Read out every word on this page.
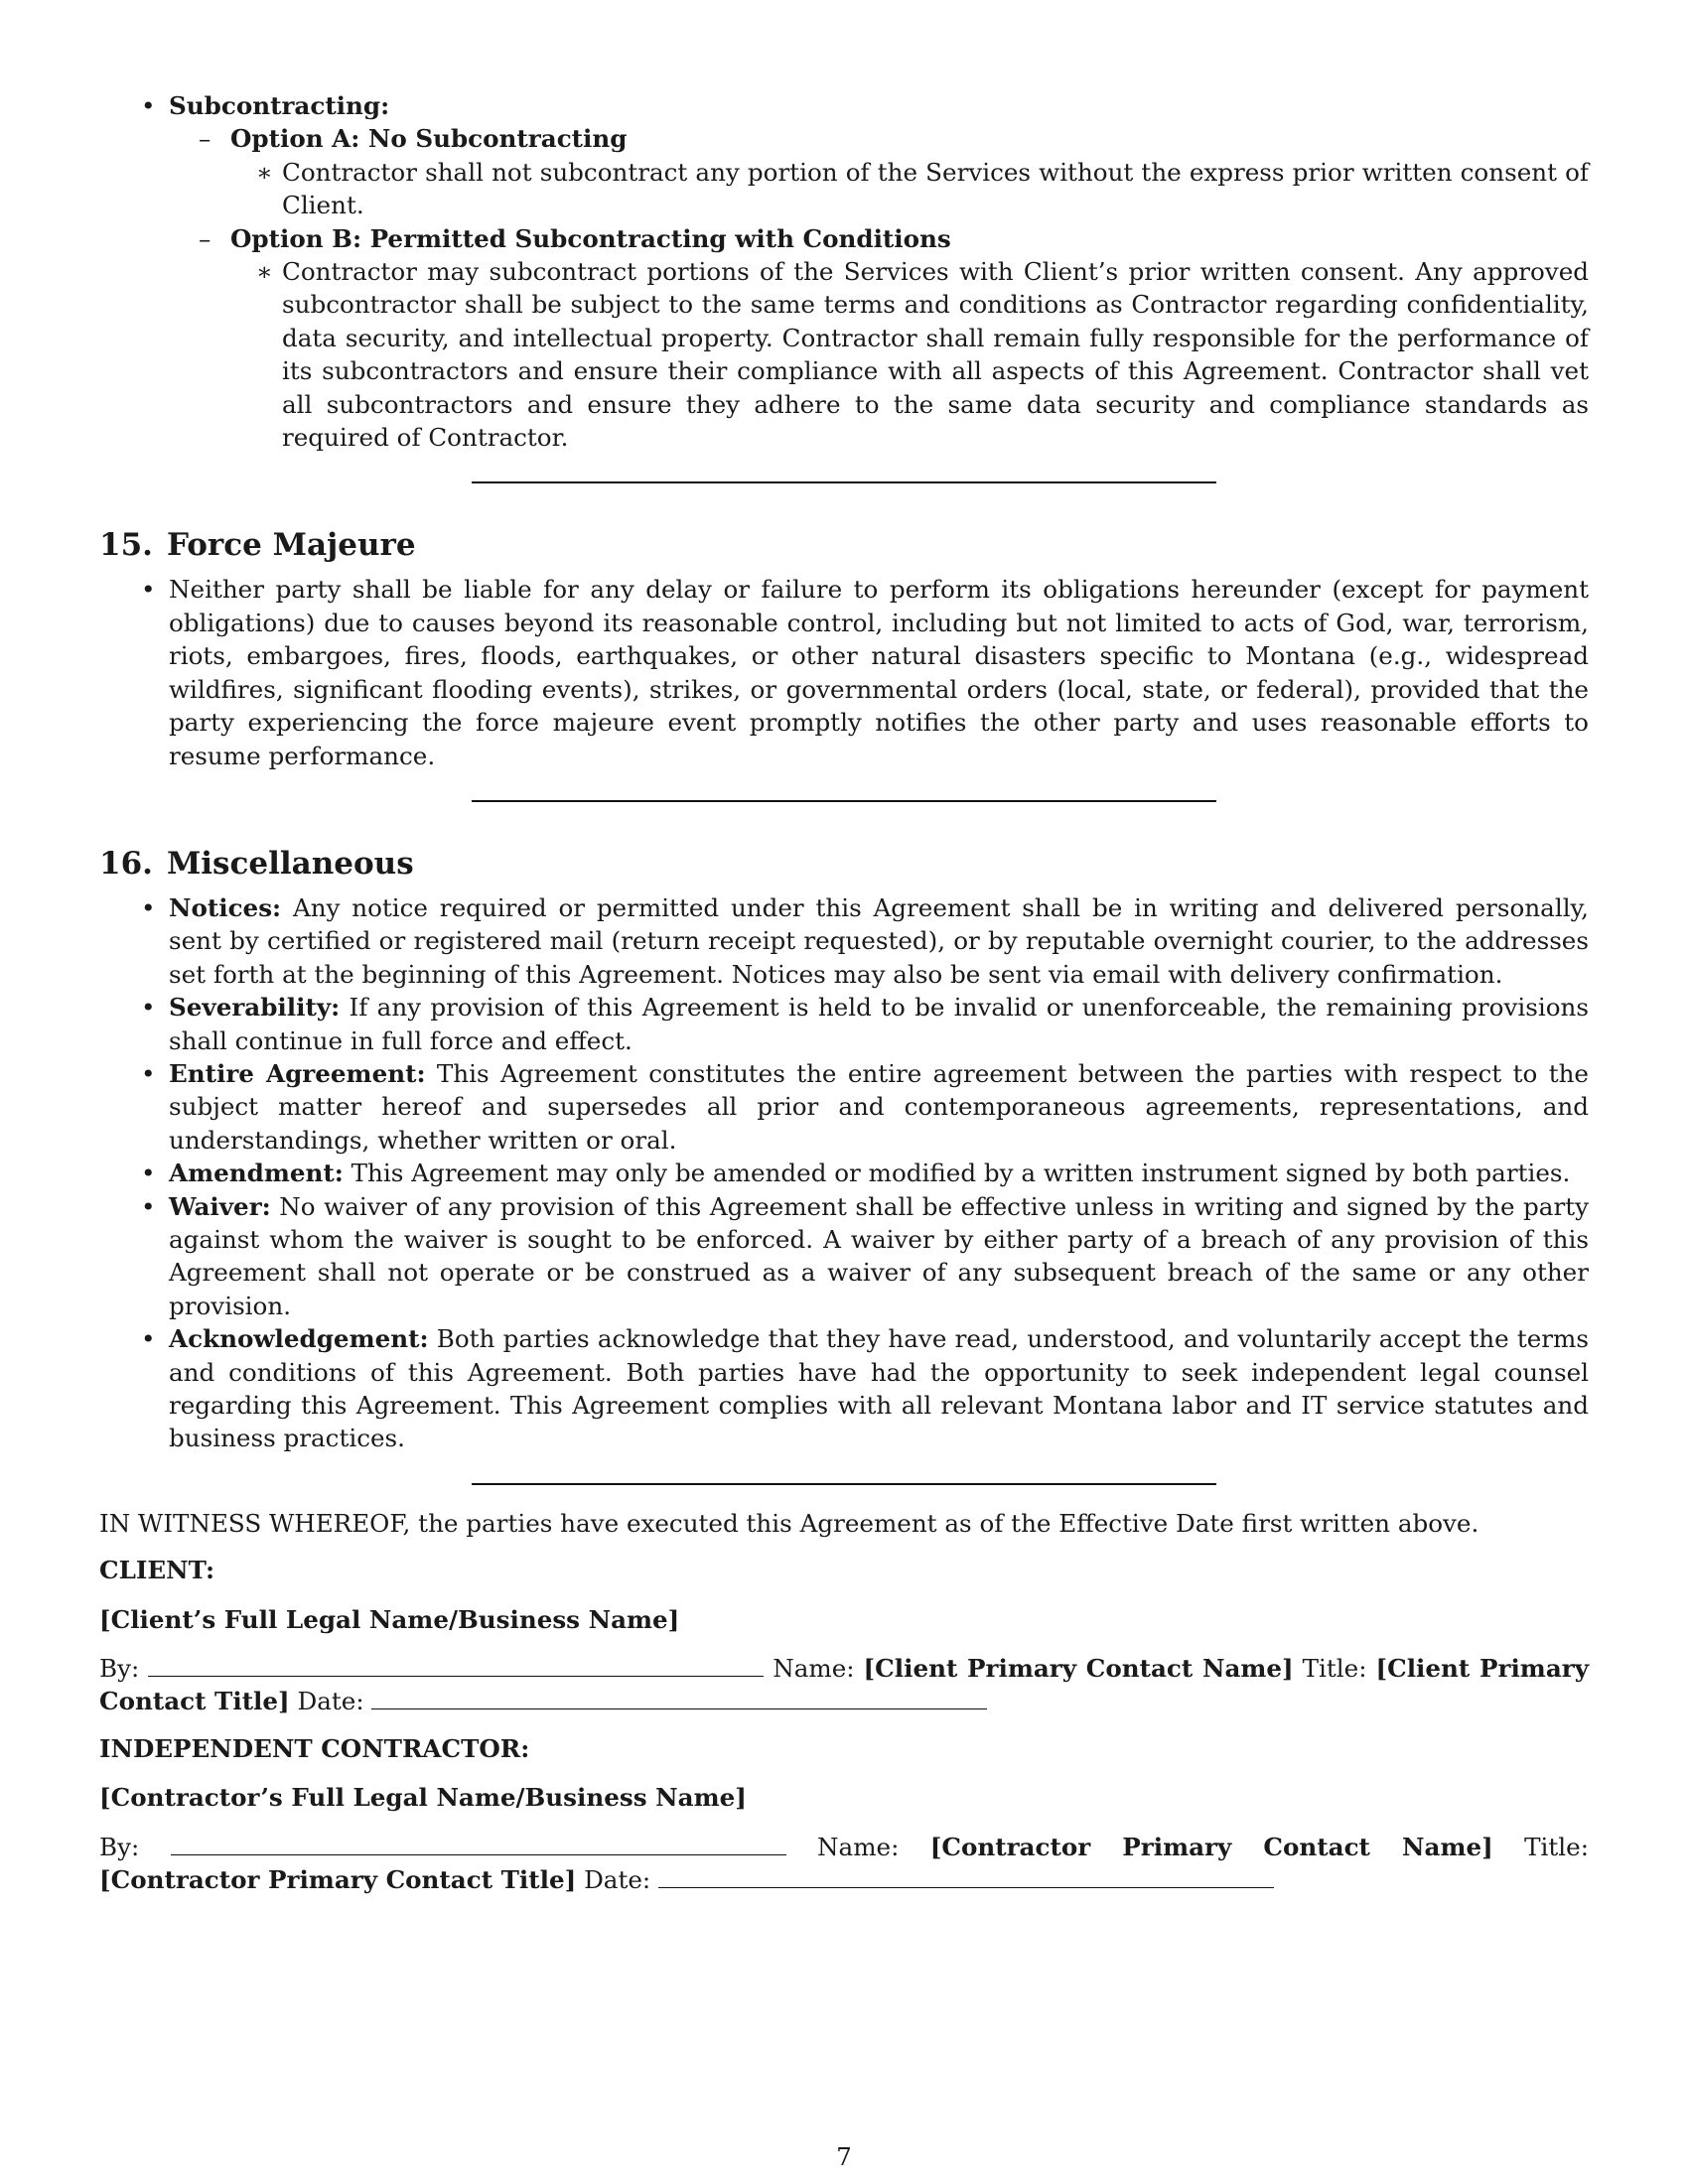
• Subcontracting:
– Option A: No Subcontracting
∗ Contractor shall not subcontract any portion of the Services without the express prior written consent of Client.
– Option B: Permitted Subcontracting with Conditions
∗ Contractor may subcontract portions of the Services with Client’s prior written consent. Any approved subcontractor shall be subject to the same terms and conditions as Contractor regarding confidentiality, data security, and intellectual property. Contractor shall remain fully responsible for the performance of its subcontractors and ensure their compliance with all aspects of this Agreement. Contractor shall vet all subcontractors and ensure they adhere to the same data security and compliance standards as required of Contractor.
15. Force Majeure
• Neither party shall be liable for any delay or failure to perform its obligations hereunder (except for payment obligations) due to causes beyond its reasonable control, including but not limited to acts of God, war, terrorism, riots, embargoes, fires, floods, earthquakes, or other natural disasters specific to Montana (e.g., widespread wildfires, significant flooding events), strikes, or governmental orders (local, state, or federal), provided that the party experiencing the force majeure event promptly notifies the other party and uses reasonable efforts to resume performance.
16. Miscellaneous
• Notices: Any notice required or permitted under this Agreement shall be in writing and delivered personally, sent by certified or registered mail (return receipt requested), or by reputable overnight courier, to the addresses set forth at the beginning of this Agreement. Notices may also be sent via email with delivery confirmation.
• Severability: If any provision of this Agreement is held to be invalid or unenforceable, the remaining provisions shall continue in full force and effect.
• Entire Agreement: This Agreement constitutes the entire agreement between the parties with respect to the subject matter hereof and supersedes all prior and contemporaneous agreements, representations, and understandings, whether written or oral.
• Amendment: This Agreement may only be amended or modified by a written instrument signed by both parties.
• Waiver: No waiver of any provision of this Agreement shall be effective unless in writing and signed by the party against whom the waiver is sought to be enforced. A waiver by either party of a breach of any provision of this Agreement shall not operate or be construed as a waiver of any subsequent breach of the same or any other provision.
• Acknowledgement: Both parties acknowledge that they have read, understood, and voluntarily accept the terms and conditions of this Agreement. Both parties have had the opportunity to seek independent legal counsel regarding this Agreement. This Agreement complies with all relevant Montana labor and IT service statutes and business practices.

IN WITNESS WHEREOF, the parties have executed this Agreement as of the Effective Date first written above.

CLIENT:

[Client’s Full Legal Name/Business Name]

By:	Name: [Client Primary Contact Name] Title: [Client Primary Contact Title] Date:

INDEPENDENT CONTRACTOR:

[Contractor’s Full Legal Name/Business Name]

By:	Name: [Contractor Primary Contact Name] Title: [Contractor Primary Contact Title] Date:

7
